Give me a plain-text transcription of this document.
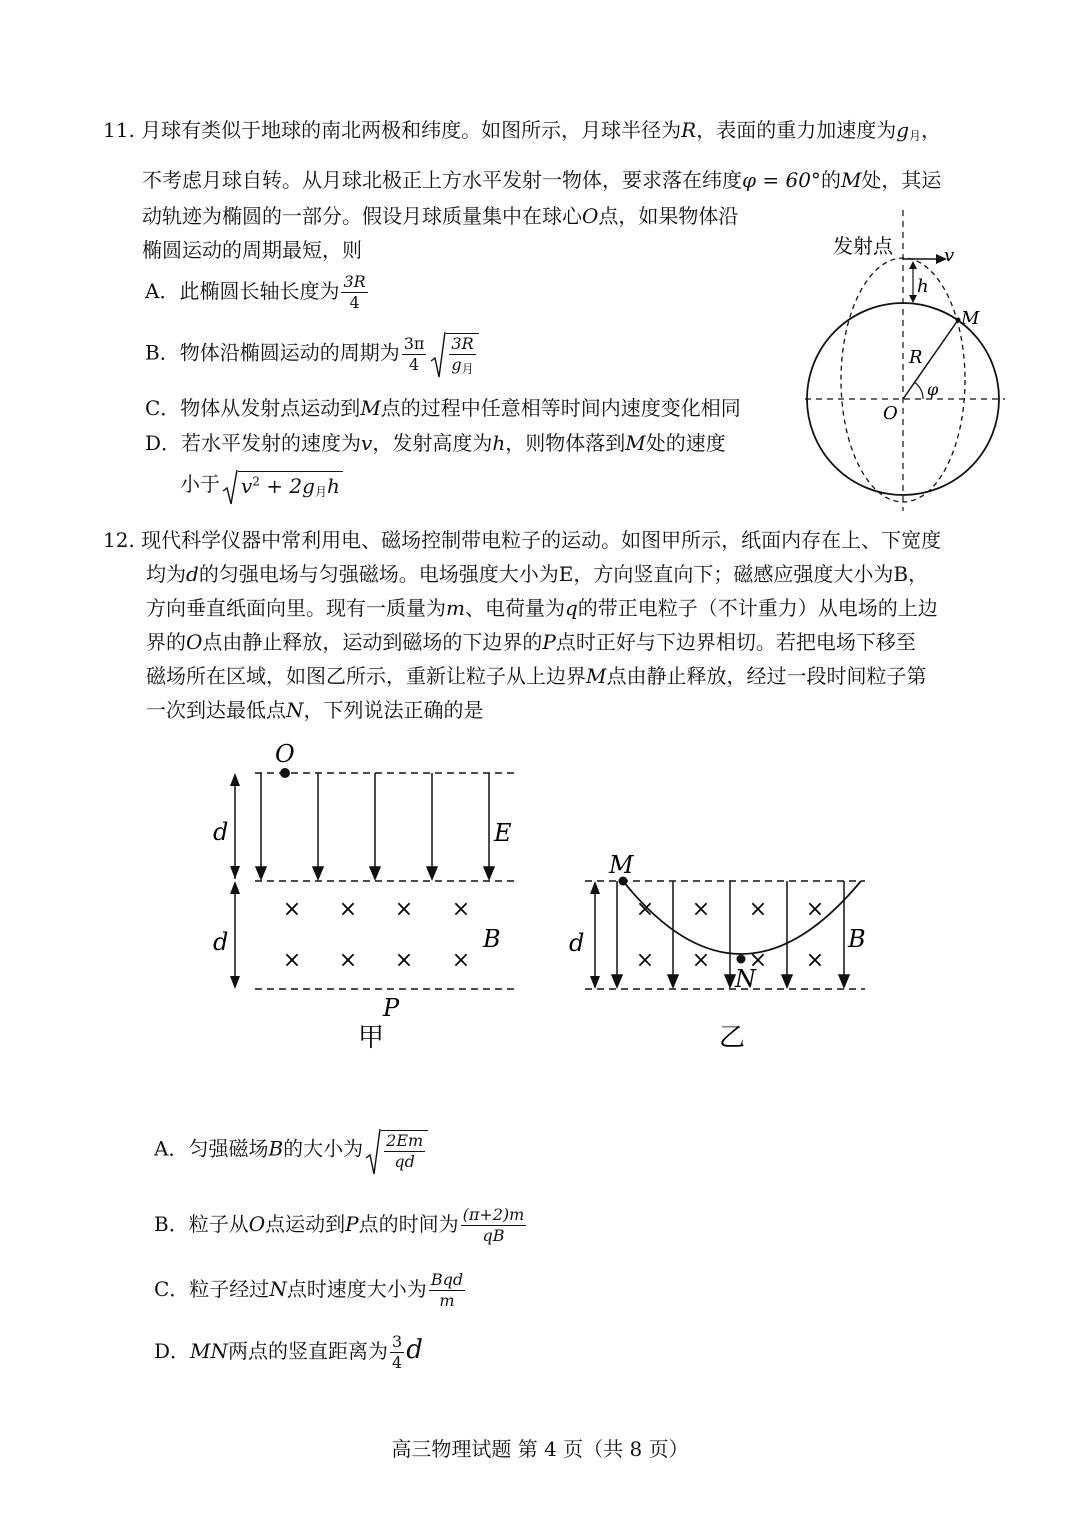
11. 月球有类似于地球的南北两极和纬度。如图所示，月球半径为R，表面的重力加速度为$g_月$，
不考虑月球自转。从月球北极正上方水平发射一物体，要求落在纬度φ = 60°的M处，其运
动轨迹为椭圆的一部分。假设月球质量集中在球心O点，如果物体沿
椭圆运动的周期最短，则
A．此椭圆长轴长度为 $\frac{3R}{4}$
B．物体沿椭圆运动的周期为 $\frac{3\pi}{4} \frac{3R}{g_月}$
C．物体从发射点运动到M点的过程中任意相等时间内速度变化相同
D．若水平发射的速度为v，发射高度为h，则物体落到M处的速度
小于 $v^2 + 2g_月h$
发射点	v
h
M
R
φ
O
12. 现代科学仪器中常利用电、磁场控制带电粒子的运动。如图甲所示，纸面内存在上、下宽度
均为d的匀强电场与匀强磁场。电场强度大小为E，方向竖直向下；磁感应强度大小为B，
方向垂直纸面向里。现有一质量为m、电荷量为q的带正电粒子（不计重力）从电场的上边
界的O点由静止释放，运动到磁场的下边界的P点时正好与下边界相切。若把电场下移至
磁场所在区域，如图乙所示，重新让粒子从上边界M点由静止释放，经过一段时间粒子第
一次到达最低点N，下列说法正确的是
× × × ×
× × × ×
O
d
d
E
B
P
甲
× × × ×
× × × ×
M
N
d	B
乙
A．匀强磁场B的大小为 $\frac{2Em}{qd}$
B．粒子从O点运动到P点的时间为 $\frac{(\pi+2)m}{qB}$
C．粒子经过N点时速度大小为 $\frac{\text{Bqd}}{m}$
D．MN两点的竖直距离为 $\frac{3}{4}$ d
高三物理试题 第 4 页（共 8 页）
